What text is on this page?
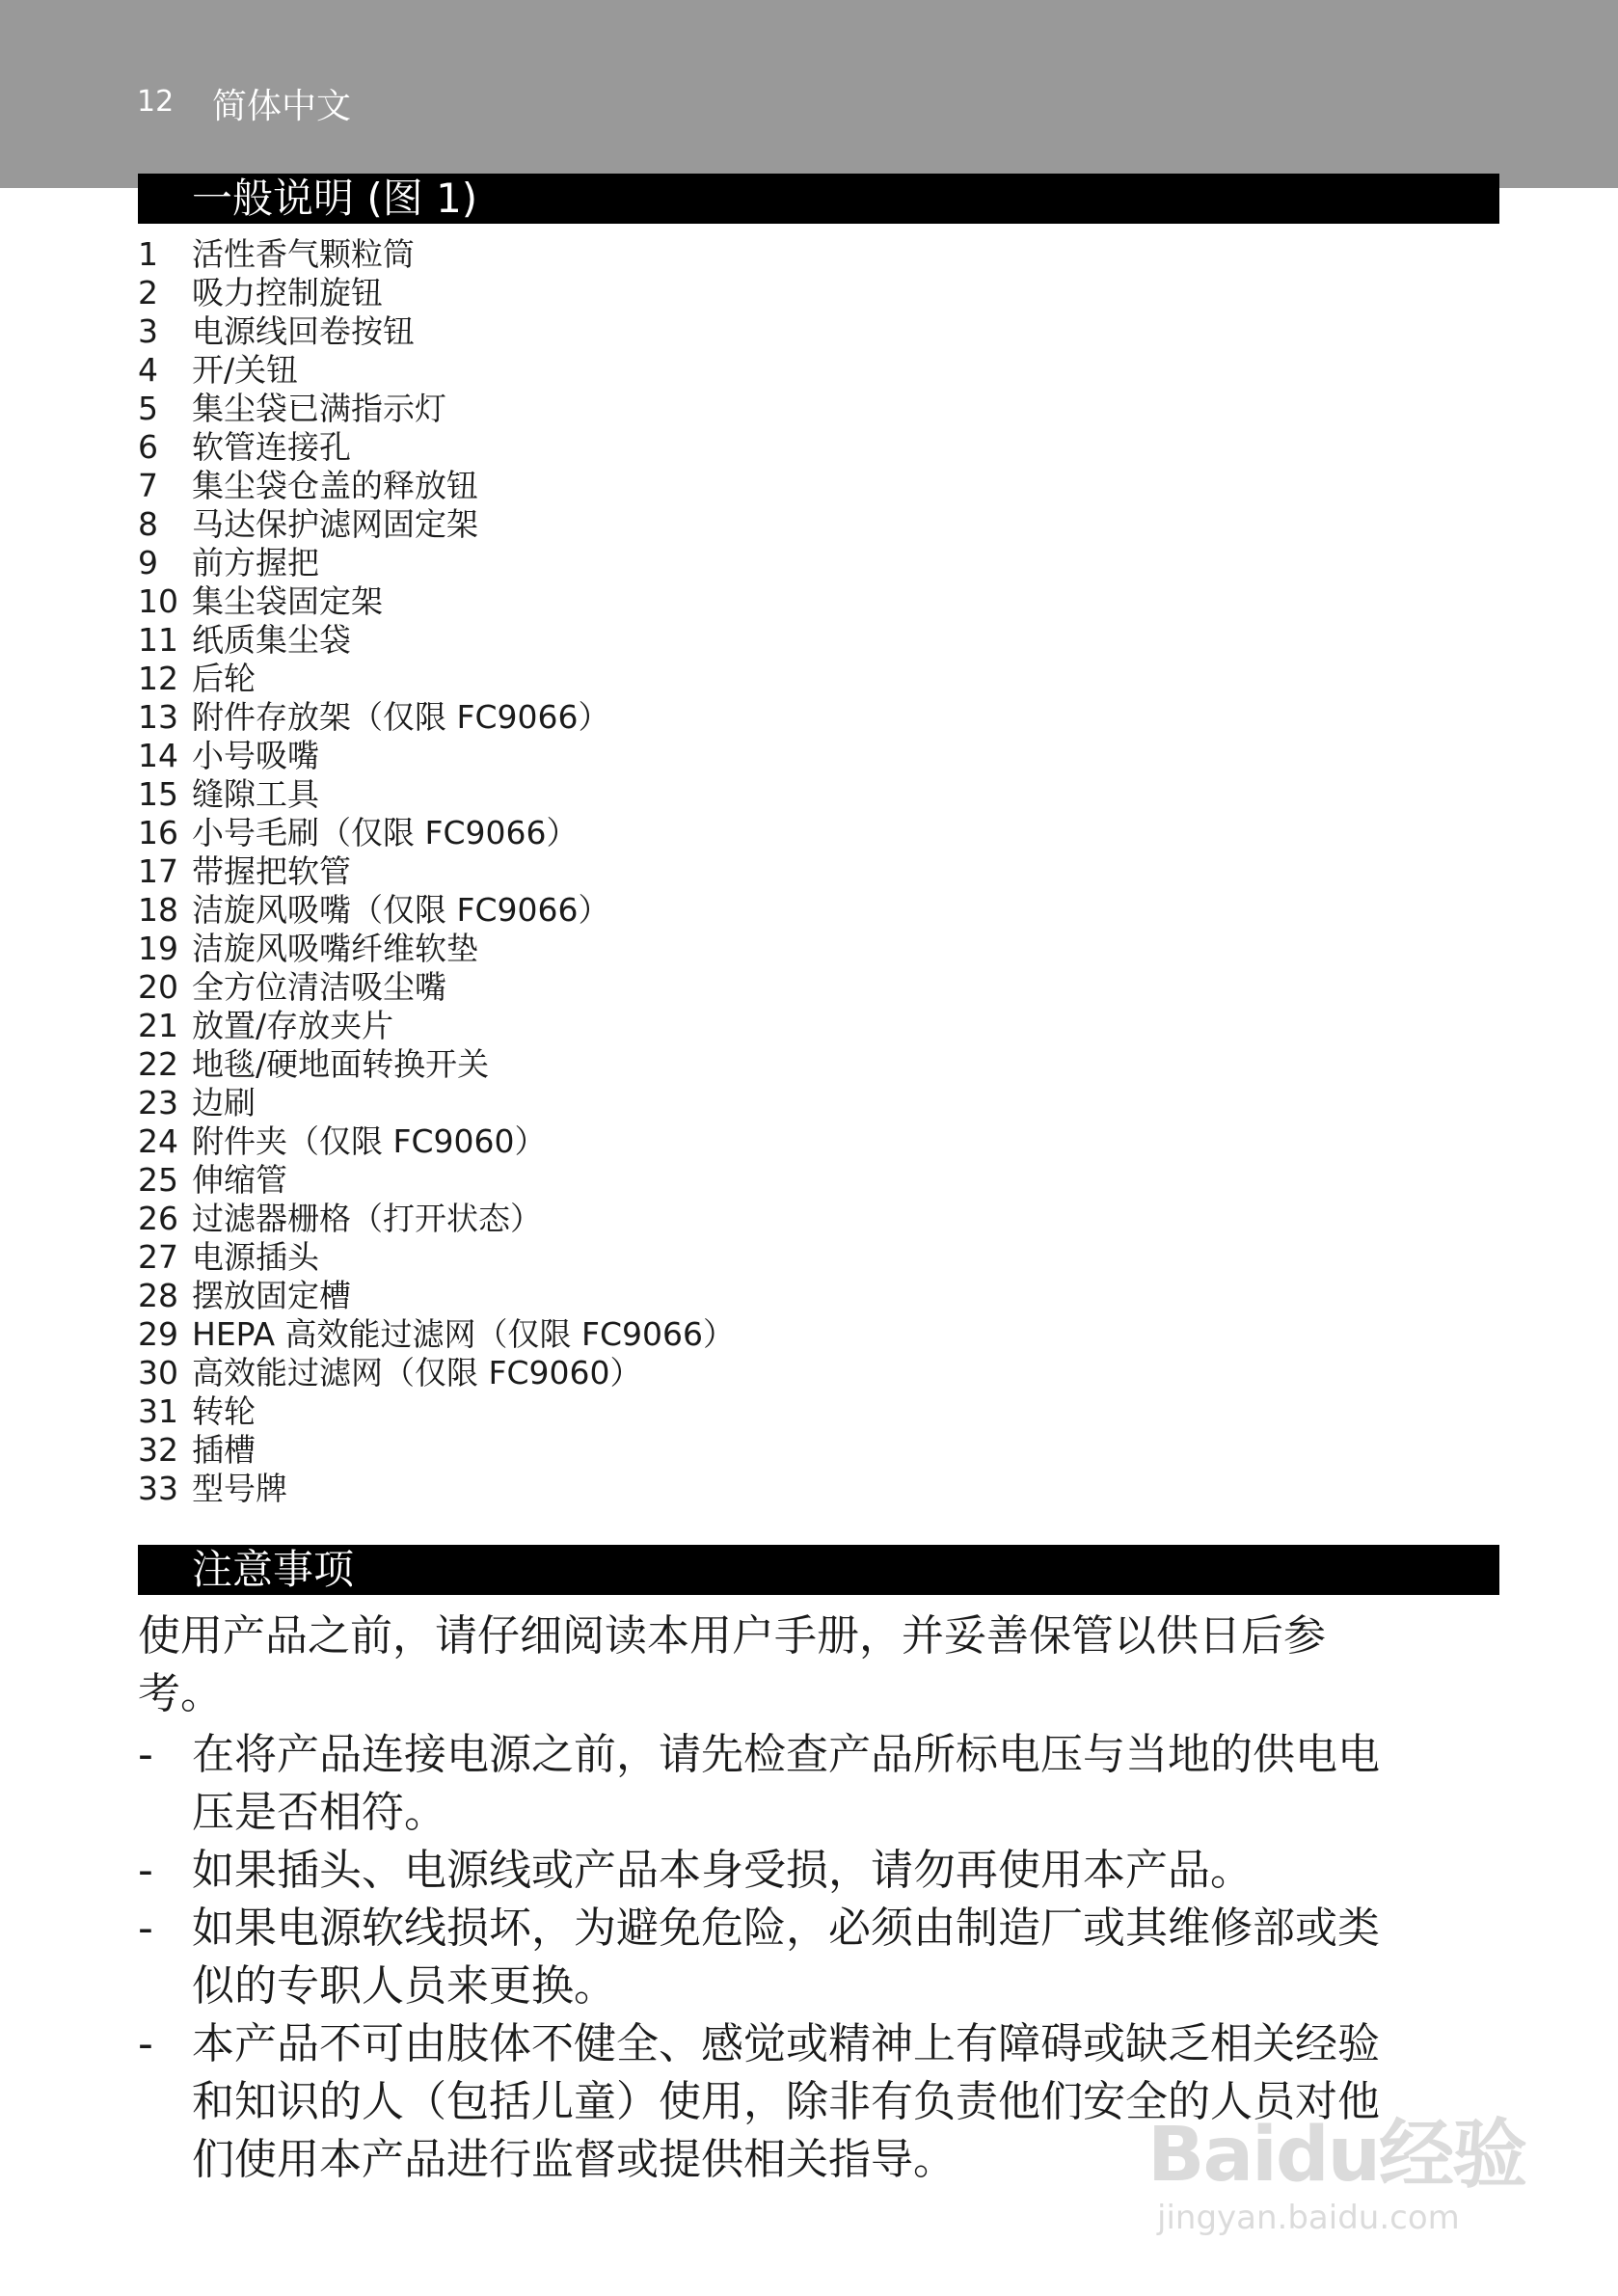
12 简体中文
一般说明 (图 1)
1 活性香气颗粒筒
2 吸力控制旋钮
3 电源线回卷按钮
4 开/关钮
5 集尘袋已满指示灯
6 软管连接孔
7 集尘袋仓盖的释放钮
8 马达保护滤网固定架
9 前方握把
10 集尘袋固定架
11 纸质集尘袋
12 后轮
13 附件存放架（仅限 FC9066）
14 小号吸嘴
15 缝隙工具
16 小号毛刷（仅限 FC9066）
17 带握把软管
18 洁旋风吸嘴（仅限 FC9066）
19 洁旋风吸嘴纤维软垫
20 全方位清洁吸尘嘴
21 放置/存放夹片
22 地毯/硬地面转换开关
23 边刷
24 附件夹（仅限 FC9060）
25 伸缩管
26 过滤器栅格（打开状态）
27 电源插头
28 摆放固定槽
29 HEPA 高效能过滤网（仅限 FC9066）
30 高效能过滤网（仅限 FC9060）
31 转轮
32 插槽
33 型号牌
注意事项
使用产品之前，请仔细阅读本用户手册，并妥善保管以供日后参
考。
- 在将产品连接电源之前，请先检查产品所标电压与当地的供电电
压是否相符。
- 如果插头、电源线或产品本身受损，请勿再使用本产品。
- 如果电源软线损坏，为避免危险，必须由制造厂或其维修部或类
似的专职人员来更换。
- 本产品不可由肢体不健全、感觉或精神上有障碍或缺乏相关经验
和知识的人（包括儿童）使用，除非有负责他们安全的人员对他
们使用本产品进行监督或提供相关指导。	Baidu经验
jingyan.baidu.com
